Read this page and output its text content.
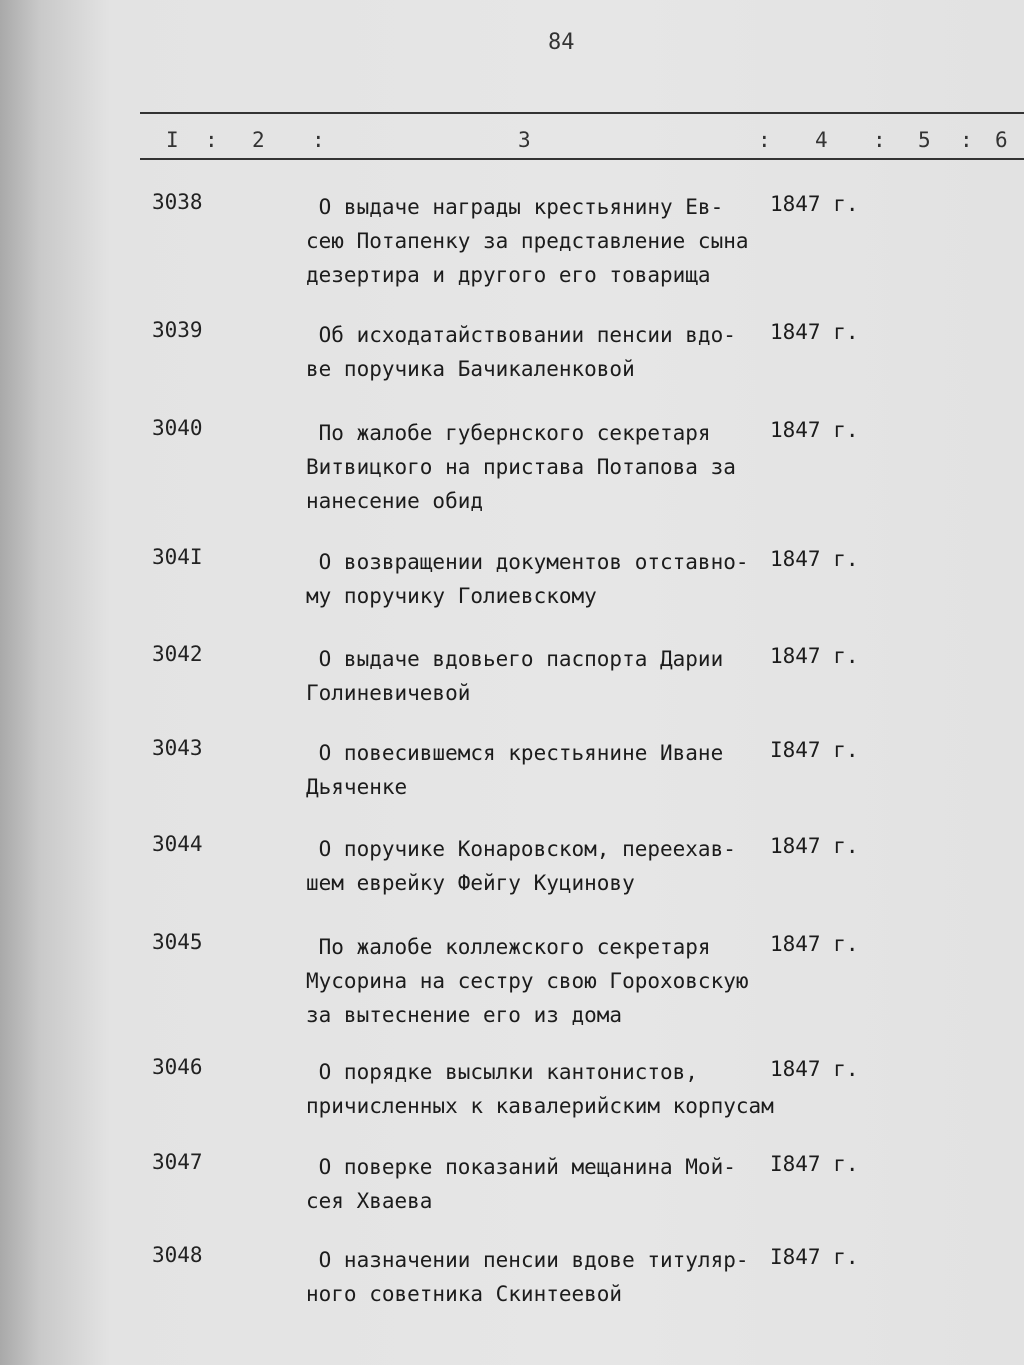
84
I : 2 :	3	: 4 : 5 : 6
3038	О выдаче награды крестьянину Ев-
сею Потапенку за представление сына
дезертира и другого его товарища
1847 г.
3039	Об исходатайствовании пенсии вдо-
ве поручика Бачикаленковой
1847 г.
3040	По жалобе губернского секретаря
Витвицкого на пристава Потапова за
нанесение обид
1847 г.
304I	О возвращении документов отставно-
му поручику Голиевскому
1847 г.
3042	О выдаче вдовьего паспорта Дарии
Голиневичевой
1847 г.
3043	О повесившемся крестьянине Иване
Дьяченке
I847 г.
3044	О поручике Конаровском, переехав-
шем еврейку Фейгу Куцинову
1847 г.
3045	По жалобе коллежского секретаря
Мусорина на сестру свою Гороховскую
за вытеснение его из дома
1847 г.
3046	О порядке высылки кантонистов,
причисленных к кавалерийским корпусам
1847 г.
3047	О поверке показаний мещанина Мой-
сея Хваева
I847 г.
3048	О назначении пенсии вдове титуляр-
ного советника Скинтеевой
I847 г.
